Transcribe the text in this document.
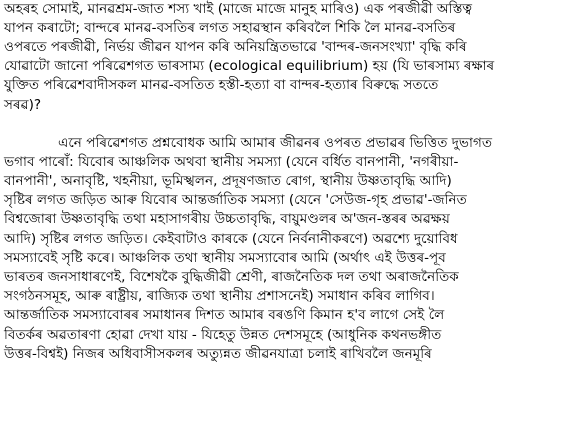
অহৰহ সোমাই, মানৱশ্ৰম-জাত শস্য খাই (মাজে মাজে মানুহ মাৰিও) এক পৰজীৱী অস্তিত্ব
যাপন কৰাটো; বান্দৰে মানৱ-বসতিৰ লগত সহাৱস্থান কৰিবলৈ শিকি লৈ মানৱ-বসতিৰ
ওপৰতে পৰজীৱী, নিৰ্ভয় জীৱন যাপন কৰি অনিয়ন্ত্ৰিতভাৱে 'বান্দৰ-জনসংখ্যা' বৃদ্ধি কৰি
যোৱাটো জানো পৰিৱেশগত ভাৰসাম্য (ecological equilibrium) হয় (যি ভাৰসাম্য ৰক্ষাৰ
যুক্তিত পৰিৱেশবাদীসকল মানৱ-বসতিত হস্তী-হত্যা বা বান্দৰ-হত্যাৰ বিৰুদ্ধে সততে
সৰৱ)?
এনে পৰিৱেশগত প্ৰশ্নবোধক আমি আমাৰ জীৱনৰ ওপৰত প্ৰভাৱৰ ভিত্তিত দুভাগত
ভগাব পাৰোঁ: যিবোৰ আঞ্চলিক অথবা স্থানীয় সমস্যা (যেনে বৰ্ধিত বানপানী, 'নগৰীয়া-
বানপানী', অনাবৃষ্টি, খহনীয়া, ভূমিস্খলন, প্ৰদূষণজাত ৰোগ, স্থানীয় উষ্ণতাবৃদ্ধি আদি)
সৃষ্টিৰ লগত জড়িত আৰু যিবোৰ আন্তৰ্জাতিক সমস্যা (যেনে 'সেউজ-গৃহ প্ৰভাৱ'-জনিত
বিশ্বজোৰা উষ্ণতাবৃদ্ধি তথা মহাসাগৰীয় উচ্চতাবৃদ্ধি, বায়ুমণ্ডলৰ অ'জন-স্তৰৰ অৱক্ষয়
আদি) সৃষ্টিৰ লগত জড়িত। কেইবাটাও কাৰকে (যেনে নিৰ্বনানীকৰণে) অৱশ্যে দুয়োবিধ
সমস্যাবেই সৃষ্টি কৰে। আঞ্চলিক তথা স্থানীয় সমস্যাবোৰ আমি (অৰ্থাৎ এই উত্তৰ-পূব
ভাৰতৰ জনসাধাৰণেই, বিশেষকৈ বুদ্ধিজীৱী শ্ৰেণী, ৰাজনৈতিক দল তথা অৰাজনৈতিক
সংগঠনসমূহ, আৰু ৰাষ্ট্ৰীয়, ৰাজ্যিক তথা স্থানীয় প্ৰশাসনেই) সমাধান কৰিব লাগিব।
আন্তৰ্জাতিক সমস্যাবোৰৰ সমাধানৰ দিশত আমাৰ বৰঙণি কিমান হ'ব লাগে সেই লৈ
বিতৰ্কৰ অৱতাৰণা হোৱা দেখা যায় - যিহেতু উন্নত দেশসমূহে (আধুনিক কথনভঙ্গীত
উত্তৰ-বিশ্বই) নিজৰ অধিবাসীসকলৰ অত্যুন্নত জীৱনযাত্ৰা চলাই ৰাখিবলৈ জনমূৰি
